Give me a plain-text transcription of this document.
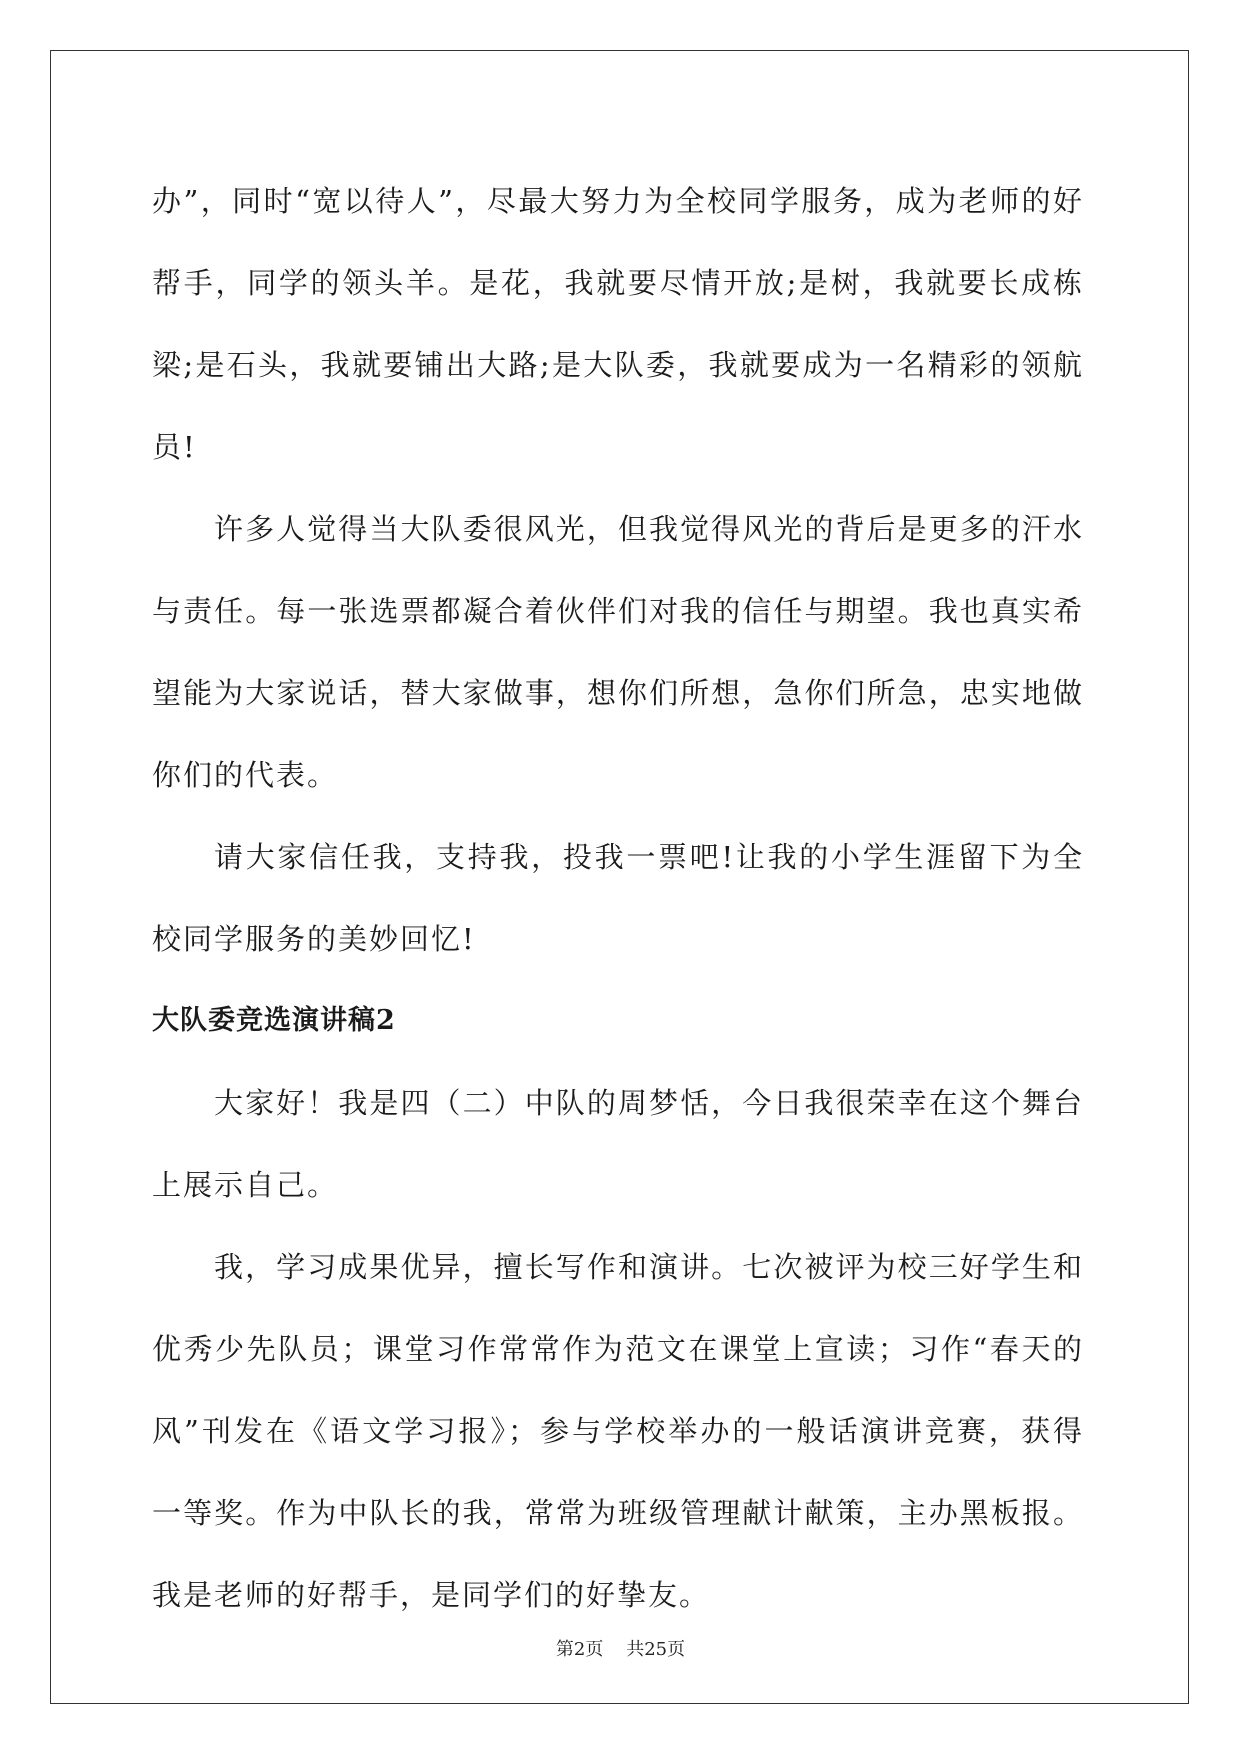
办”，同时“宽以待人”，尽最大努力为全校同学服务，成为老师的好帮手，同学的领头羊。是花，我就要尽情开放;是树，我就要长成栋梁;是石头，我就要铺出大路;是大队委，我就要成为一名精彩的领航员!

许多人觉得当大队委很风光，但我觉得风光的背后是更多的汗水与责任。每一张选票都凝合着伙伴们对我的信任与期望。我也真实希望能为大家说话，替大家做事，想你们所想，急你们所急，忠实地做你们的代表。

请大家信任我，支持我，投我一票吧!让我的小学生涯留下为全校同学服务的美妙回忆!

大队委竞选演讲稿2

大家好！我是四（二）中队的周梦恬，今日我很荣幸在这个舞台上展示自己。

我，学习成果优异，擅长写作和演讲。七次被评为校三好学生和优秀少先队员；课堂习作常常作为范文在课堂上宣读；习作“春天的风”刊发在《语文学习报》；参与学校举办的一般话演讲竞赛，获得一等奖。作为中队长的我，常常为班级管理献计献策，主办黑板报。我是老师的好帮手，是同学们的好挚友。

第2页 共25页
